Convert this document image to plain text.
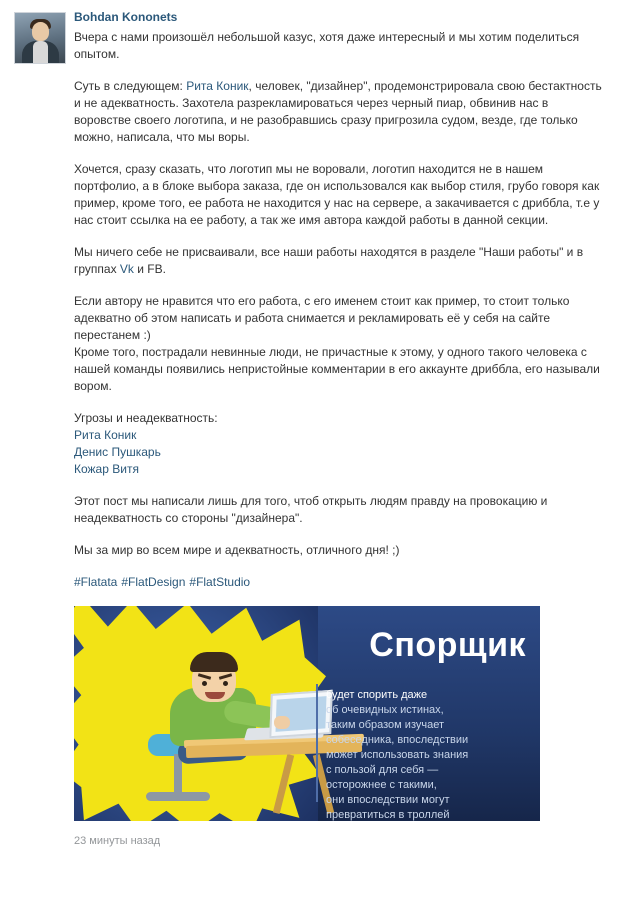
Bohdan Kononets

Вчера с нами произошёл небольшой казус, хотя даже интересный и мы хотим поделиться опытом.

Суть в следующем: Рита Коник, человек, "дизайнер", продемонстрировала свою бестактность и не адекватность. Захотела разрекламироваться через черный пиар, обвинив нас в воровстве своего логотипа, и не разобравшись сразу пригрозила судом, везде, где только можно, написала, что мы воры.

Хочется, сразу сказать, что логотип мы не воровали, логотип находится не в нашем портфолио, а в блоке выбора заказа, где он использовался как выбор стиля, грубо говоря как пример, кроме того, ее работа не находится у нас на сервере, а закачивается с дриббла, т.е у нас стоит ссылка на ее работу, а так же имя автора каждой работы в данной секции.

Мы ничего себе не присваивали, все наши работы находятся в разделе "Наши работы" и в группах Vk и FB.

Если автору не нравится что его работа, с его именем стоит как пример, то стоит только адекватно об этом написать и работа снимается и рекламировать её у себя на сайте перестанем :)

Кроме того, пострадали невинные люди, не причастные к этому, у одного такого человека с нашей команды появились непристойные комментарии в его аккаунте дриббла, его называли вором.

Угрозы и неадекватность:

Рита Коник
Денис Пушкарь
Кожар Витя

Этот пост мы написали лишь для того, чтоб открыть людям правду на провокацию и неадекватность со стороны "дизайнера".

Мы за мир во всем мире и адекватность, отличного дня! ;)

#Flatata #FlatDesign #FlatStudio
Спорщик
будет спорить даже
об очевидных истинах,
таким образом изучает
собеседника, впоследствии
может использовать знания
с пользой для себя —
осторожнее с такими,
они впоследствии могут
превратиться в троллей
23 минуты назад
